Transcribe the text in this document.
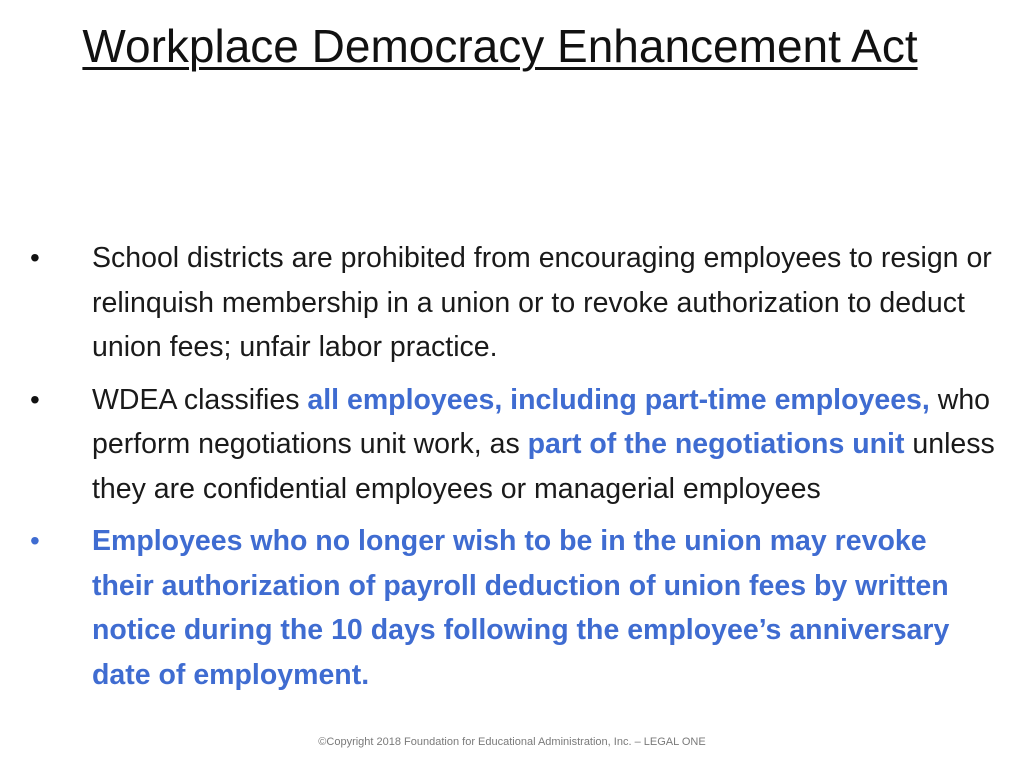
Workplace Democracy Enhancement Act
•	School districts are prohibited from encouraging employees to resign or relinquish membership in a union or to revoke authorization to deduct union fees; unfair labor practice.
•	WDEA classifies all employees, including part-time employees, who perform negotiations unit work, as part of the negotiations unit unless they are confidential employees or managerial employees
•	Employees who no longer wish to be in the union may revoke their authorization of payroll deduction of union fees by written notice during the 10 days following the employee’s anniversary date of employment.
©Copyright 2018 Foundation for Educational Administration, Inc. – LEGAL ONE
